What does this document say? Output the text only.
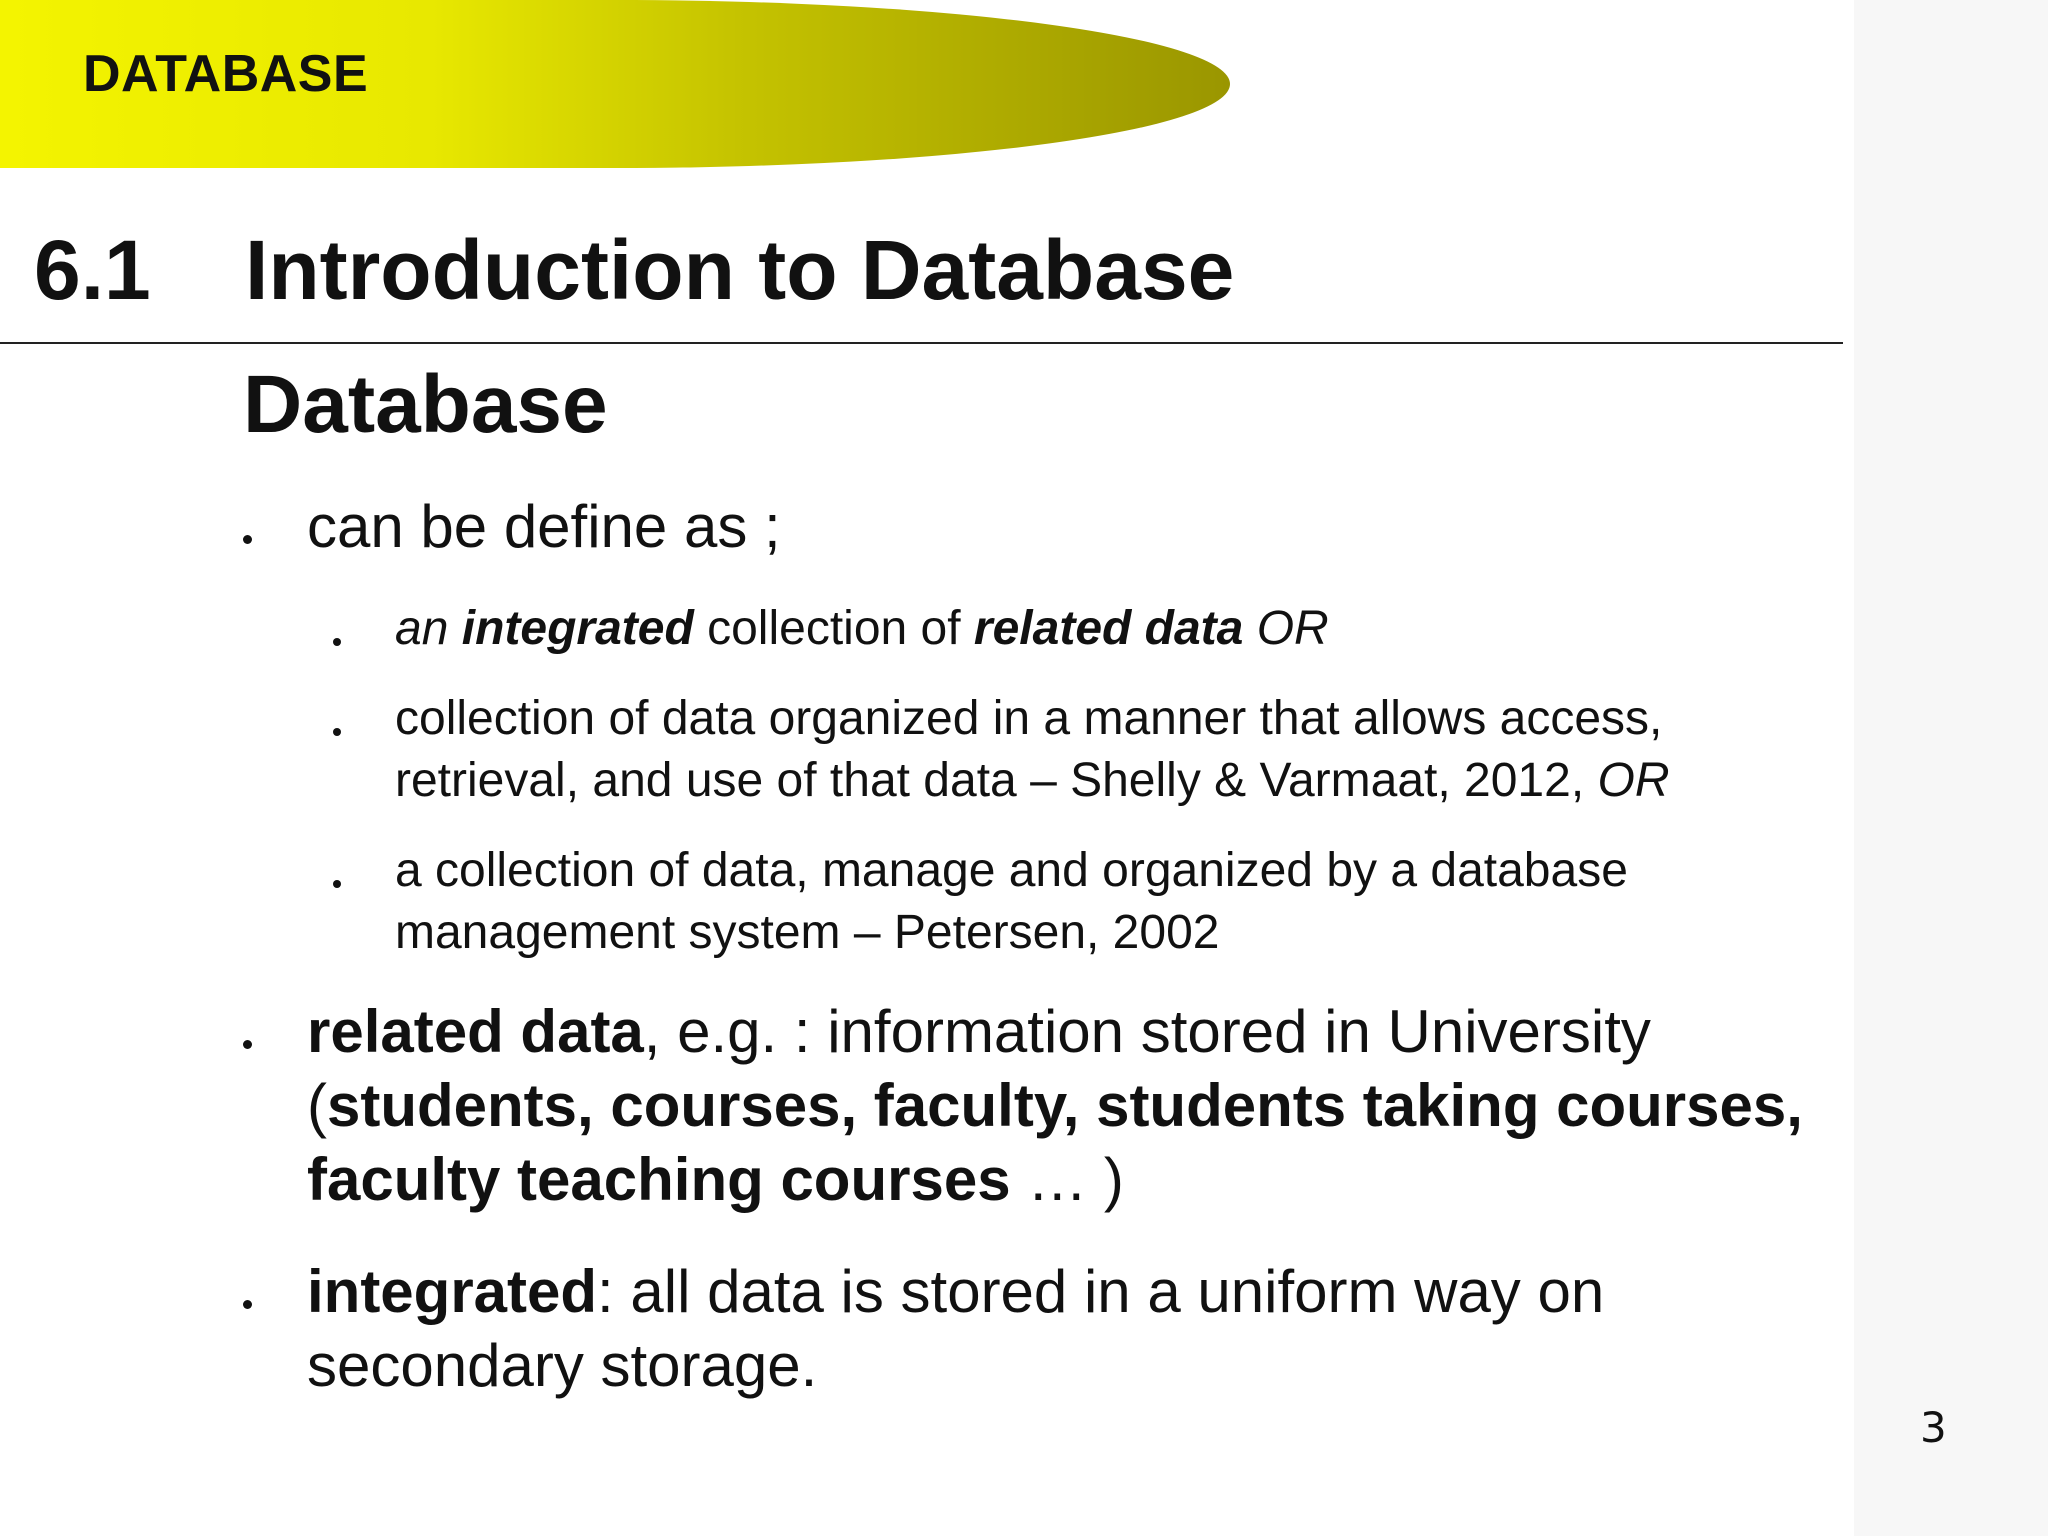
DATABASE
6.1 Introduction to Database
Database
can be define as ;
an integrated collection of related data OR
collection of data organized in a manner that allows access,
retrieval, and use of that data – Shelly & Varmaat, 2012, OR
a collection of data, manage and organized by a database
management system – Petersen, 2002
related data, e.g. : information stored in University
(students, courses, faculty, students taking courses,
faculty teaching courses … )
integrated: all data is stored in a uniform way on
secondary storage.
3
